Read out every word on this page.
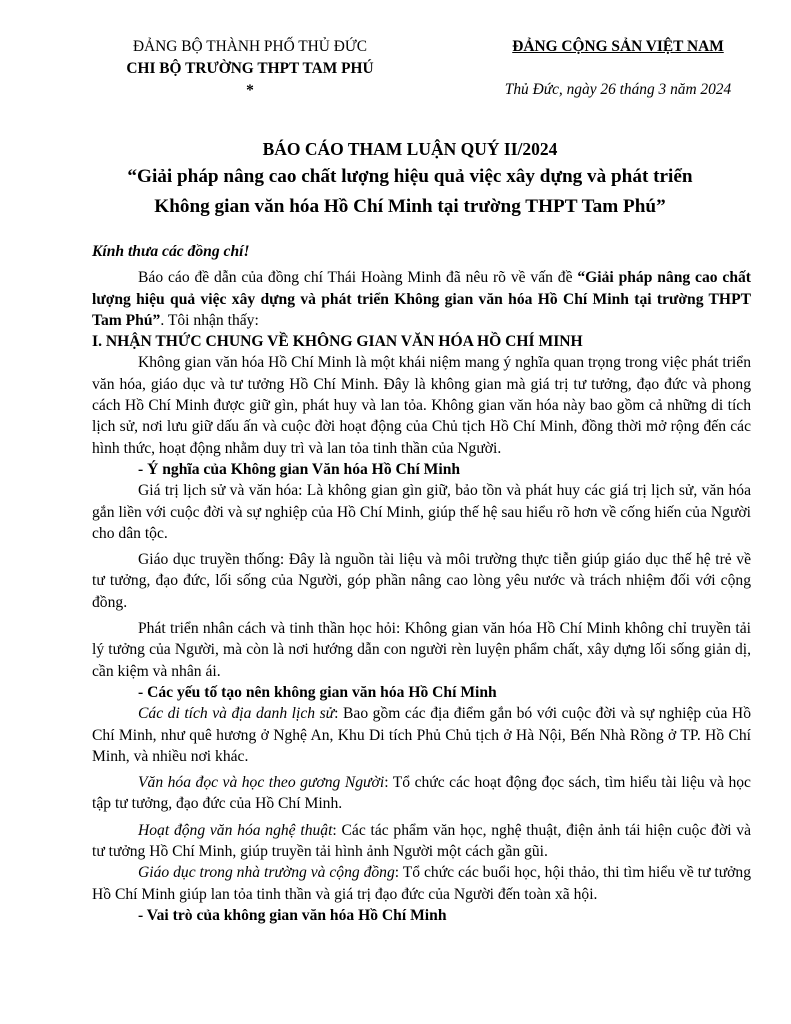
ĐẢNG BỘ THÀNH PHỐ THỦ ĐỨC
CHI BỘ TRƯỜNG THPT TAM PHÚ
*
ĐẢNG CỘNG SẢN VIỆT NAM
Thủ Đức, ngày 26 tháng 3 năm 2024
BÁO CÁO THAM LUẬN QUÝ II/2024
“Giải pháp nâng cao chất lượng hiệu quả việc xây dựng và phát triển
Không gian văn hóa Hồ Chí Minh tại trường THPT Tam Phú”

Kính thưa các đồng chí!

Báo cáo đề dẫn của đồng chí Thái Hoàng Minh đã nêu rõ về vấn đề “Giải pháp nâng cao chất lượng hiệu quả việc xây dựng và phát triển Không gian văn hóa Hồ Chí Minh tại trường THPT Tam Phú”. Tôi nhận thấy:

I. NHẬN THỨC CHUNG VỀ KHÔNG GIAN VĂN HÓA HỒ CHÍ MINH

Không gian văn hóa Hồ Chí Minh là một khái niệm mang ý nghĩa quan trọng trong việc phát triển văn hóa, giáo dục và tư tưởng Hồ Chí Minh. Đây là không gian mà giá trị tư tưởng, đạo đức và phong cách Hồ Chí Minh được giữ gìn, phát huy và lan tỏa. Không gian văn hóa này bao gồm cả những di tích lịch sử, nơi lưu giữ dấu ấn và cuộc đời hoạt động của Chủ tịch Hồ Chí Minh, đồng thời mở rộng đến các hình thức, hoạt động nhằm duy trì và lan tỏa tinh thần của Người.

- Ý nghĩa của Không gian Văn hóa Hồ Chí Minh

Giá trị lịch sử và văn hóa: Là không gian gìn giữ, bảo tồn và phát huy các giá trị lịch sử, văn hóa gắn liền với cuộc đời và sự nghiệp của Hồ Chí Minh, giúp thế hệ sau hiểu rõ hơn về cống hiến của Người cho dân tộc.

Giáo dục truyền thống: Đây là nguồn tài liệu và môi trường thực tiễn giúp giáo dục thế hệ trẻ về tư tưởng, đạo đức, lối sống của Người, góp phần nâng cao lòng yêu nước và trách nhiệm đối với cộng đồng.

Phát triển nhân cách và tinh thần học hỏi: Không gian văn hóa Hồ Chí Minh không chỉ truyền tải lý tưởng của Người, mà còn là nơi hướng dẫn con người rèn luyện phẩm chất, xây dựng lối sống giản dị, cần kiệm và nhân ái.

- Các yếu tố tạo nên không gian văn hóa Hồ Chí Minh

Các di tích và địa danh lịch sử: Bao gồm các địa điểm gắn bó với cuộc đời và sự nghiệp của Hồ Chí Minh, như quê hương ở Nghệ An, Khu Di tích Phủ Chủ tịch ở Hà Nội, Bến Nhà Rồng ở TP. Hồ Chí Minh, và nhiều nơi khác.

Văn hóa đọc và học theo gương Người: Tổ chức các hoạt động đọc sách, tìm hiểu tài liệu và học tập tư tưởng, đạo đức của Hồ Chí Minh.

Hoạt động văn hóa nghệ thuật: Các tác phẩm văn học, nghệ thuật, điện ảnh tái hiện cuộc đời và tư tưởng Hồ Chí Minh, giúp truyền tải hình ảnh Người một cách gần gũi.

Giáo dục trong nhà trường và cộng đồng: Tổ chức các buổi học, hội thảo, thi tìm hiểu về tư tưởng Hồ Chí Minh giúp lan tỏa tinh thần và giá trị đạo đức của Người đến toàn xã hội.

- Vai trò của không gian văn hóa Hồ Chí Minh
